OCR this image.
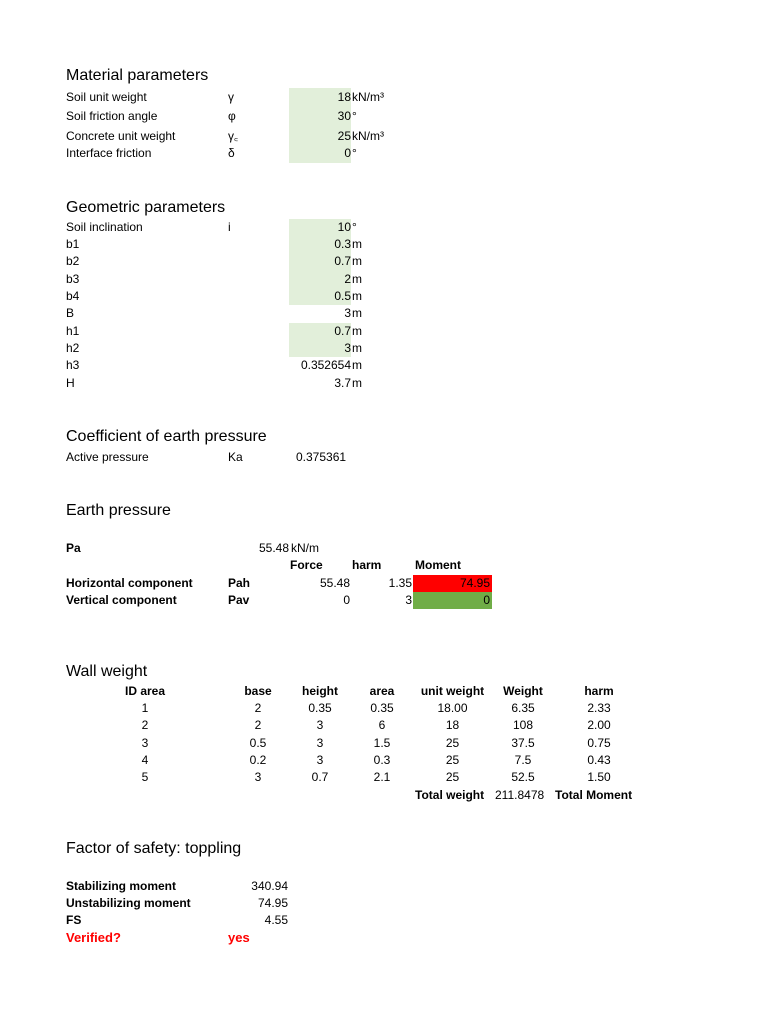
Material parameters
Soil unit weight	γ	18 kN/m³
Soil friction angle	φ	30 °
Concrete unit weight	γ꜀	25 kN/m³
Interface friction	δ	0 °
Geometric parameters
Soil inclination	i	10 °
b1	0.3 m
b2	0.7 m
b3	2 m
b4	0.5 m
B	3 m
h1	0.7 m
h2	3 m
h3	0.352654 m
H	3.7 m
Coefficient of earth pressure
Active pressure	Ka	0.375361
Earth pressure
Pa	55.48 kN/m
Force harm	Moment
Horizontal component	Pah	55.48	1.35	74.95
Vertical component	Pav	0	3	0
Wall weight
ID area	base	height	area	unit weight	Weight	harm
1	2	0.35	0.35	18.00	6.35	2.33
2	2	3	6	18	108	2.00
3	0.5	3	1.5	25	37.5	0.75
4	0.2	3	0.3	25	7.5	0.43
5	3	0.7	2.1	25	52.5	1.50
Total weight 211.8478 Total Moment
Factor of safety: toppling
Stabilizing moment	340.94
Unstabilizing moment	74.95
FS	4.55
Verified?	yes
